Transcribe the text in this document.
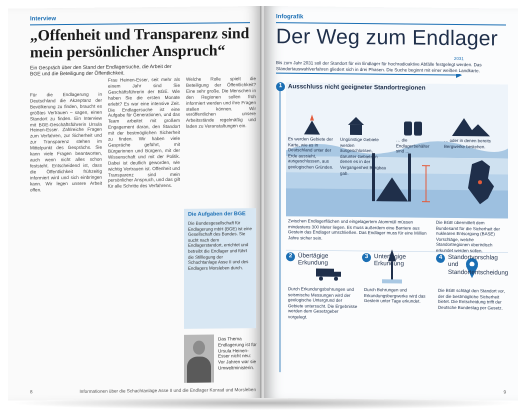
Interview
„Offenheit und Transparenz sind mein persönlicher Anspruch“
Ein Gespräch über den Stand der Endlagersuche, die Arbeit der BGE und die Beteiligung der Öffentlichkeit.

Für die Endlagerung in Deutschland die Akzeptanz der Bevölkerung zu finden, braucht es größtes Vertrauen – sagen, einen Standort zu finden. Ein Interview mit BGE-Geschäftsführerin Ursula Heinen-Esser. Zahlreiche Fragen zum Verfahren, zur Sicherheit und zur Transparenz stehen im Mittelpunkt des Gesprächs. Sie kann viele Fragen beantworten, auch wenn nicht alles schon feststeht. Entscheidend ist, dass die Öffentlichkeit frühzeitig informiert wird und sich einbringen kann. Wir legen unsere Arbeit offen.

Frau Heinen-Esser, seit mehr als einem Jahr sind Sie Geschäftsführerin der BGE. Wie haben Sie die ersten Monate erlebt? Es war eine intensive Zeit. Die Endlagersuche ist eine Aufgabe für Generationen, und das Team arbeitet mit großem Engagement daran, den Standort mit der bestmöglichen Sicherheit zu finden. Wir haben viele Gespräche geführt, mit Bürgerinnen und Bürgern, mit der Wissenschaft und mit der Politik. Dabei ist deutlich geworden, wie wichtig Vertrauen ist. Offenheit und Transparenz sind mein persönlicher Anspruch, und das gilt für alle Schritte des Verfahrens.

Welche Rolle spielt die Beteiligung der Öffentlichkeit? Eine sehr große. Die Menschen in den Regionen sollen früh informiert werden und ihre Fragen stellen können. Wir veröffentlichen unsere Arbeitsstände regelmäßig und laden zu Veranstaltungen ein.

Die Aufgaben der BGE
Die Bundesgesellschaft für Endlagerung mbH (BGE) ist eine Gesellschaft des Bundes. Sie sucht nach dem Endlagerstandort, errichtet und betreibt die Endlager und führt die Stilllegung der Schachtanlage Asse II und des Endlagers Morsleben durch.
Das Thema Endlagerung ist für Ursula Heinen-Esser nicht neu: Vor Jahren war sie Umweltministerin.
8	Informationen über die Schachtanlage Asse II und die Endlager Konrad und Morsleben
Infografik
Der Weg zum Endlager
2031
Bis zum Jahr 2031 soll der Standort für ein Endlager für hochradioaktive Abfälle festgelegt werden. Das Standortauswahlverfahren gliedert sich in drei Phasen. Die Suche beginnt mit einer weißen Landkarte.
1 Ausschluss nicht geeigneter Standortregionen
Es werden Gebiete der Karte, wie es in Deutschland unter der Erde aussieht, ausgeschlossen, aus geologischen Gründen.
Ungünstige Gebiete werden ausgeschlossen, darunter Gebiete in denen es in der Vergangenheit Bergbau gab.
… die Endlagerbehälter sind …
… oder in denen bereits Bergwerke bestehen.
Zwischen Endlagerflächen und eingelagertem Atommüll müssen mindestens 300 Meter liegen. Es muss außerdem eine Barriere aus Gestein das Endlager umschließen. Das Endlager muss für eine Million Jahre sicher sein.
Die BGE übermittelt dem Bundesamt für die Sicherheit der nuklearen Entsorgung (BASE) Vorschläge, welche Standortregionen oberirdisch erkundet werden sollen.
2 Übertägige Erkundung
Durch Erkundungsbohrungen und seismische Messungen wird der geologische Untergrund der Gebiete untersucht. Die Ergebnisse werden dem Gesetzgeber vorgelegt.
3 Untertägige Erkundung
Durch Bohrungen und Erkundungsbergwerke wird das Gestein unter Tage erkundet.
4 Standortvorschlag und Standortentscheidung
Die BGE schlägt den Standort vor, der die bestmögliche Sicherheit bietet. Die Entscheidung trifft der Deutsche Bundestag per Gesetz.
9
